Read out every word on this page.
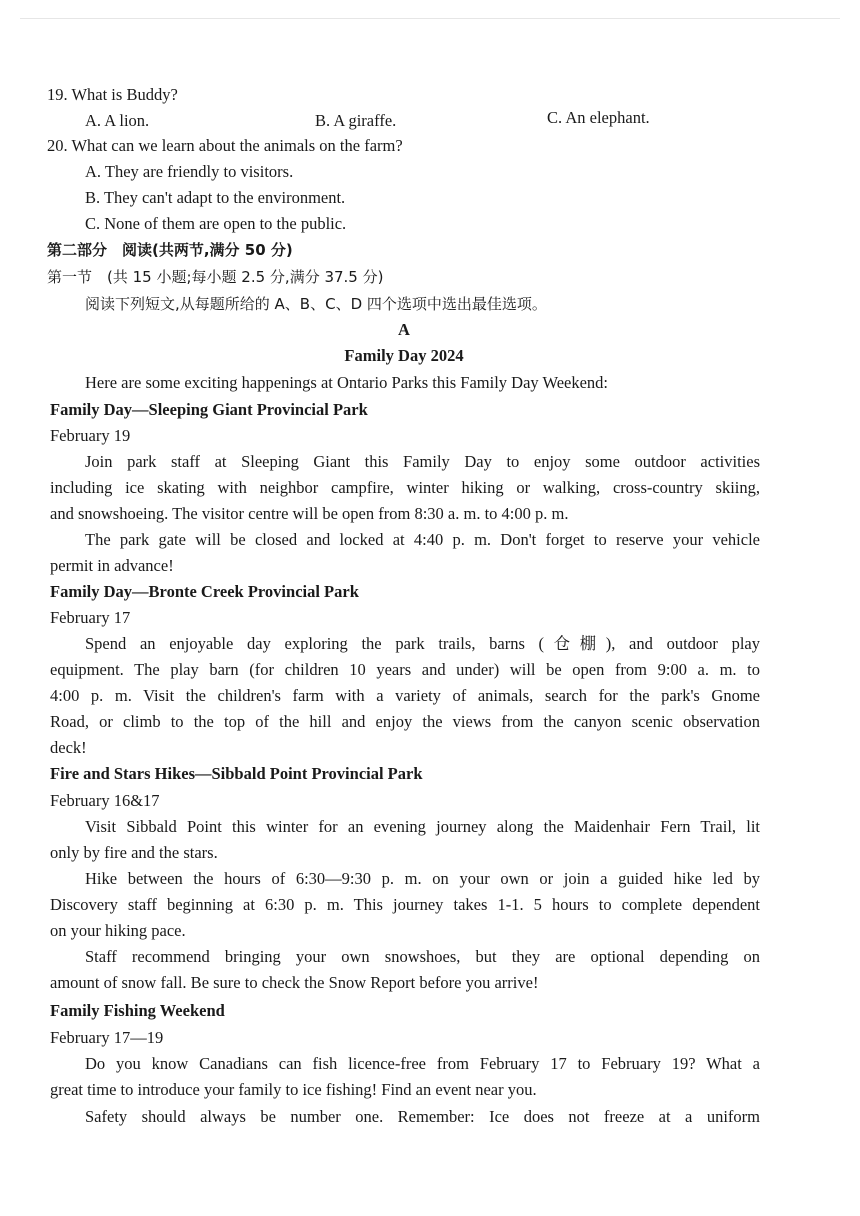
19. What is Buddy?
A. A lion.	B. A giraffe.	C. An elephant.
20. What can we learn about the animals on the farm?
A. They are friendly to visitors.
B. They can't adapt to the environment.
C. None of them are open to the public.
第二部分　阅读(共两节,满分 50 分)
第一节　(共 15 小题;每小题 2.5 分,满分 37.5 分)
阅读下列短文,从每题所给的 A、B、C、D 四个选项中选出最佳选项。
A
Family Day 2024
Here are some exciting happenings at Ontario Parks this Family Day Weekend:
Family Day—Sleeping Giant Provincial Park
February 19
Join park staff at Sleeping Giant this Family Day to enjoy some outdoor activities
including ice skating with neighbor campfire, winter hiking or walking, cross-country skiing,
and snowshoeing. The visitor centre will be open from 8:30 a. m. to 4:00 p. m.
The park gate will be closed and locked at 4:40 p. m. Don't forget to reserve your vehicle
permit in advance!
Family Day—Bronte Creek Provincial Park
February 17
Spend an enjoyable day exploring the park trails, barns (仓棚), and outdoor play
equipment. The play barn (for children 10 years and under) will be open from 9:00 a. m. to
4:00 p. m. Visit the children's farm with a variety of animals, search for the park's Gnome
Road, or climb to the top of the hill and enjoy the views from the canyon scenic observation
deck!
Fire and Stars Hikes—Sibbald Point Provincial Park
February 16&17
Visit Sibbald Point this winter for an evening journey along the Maidenhair Fern Trail, lit
only by fire and the stars.
Hike between the hours of 6:30—9:30 p. m. on your own or join a guided hike led by
Discovery staff beginning at 6:30 p. m. This journey takes 1-1. 5 hours to complete dependent
on your hiking pace.
Staff recommend bringing your own snowshoes, but they are optional depending on
amount of snow fall. Be sure to check the Snow Report before you arrive!
Family Fishing Weekend
February 17—19
Do you know Canadians can fish licence-free from February 17 to February 19? What a
great time to introduce your family to ice fishing! Find an event near you.
Safety should always be number one. Remember: Ice does not freeze at a uniform
